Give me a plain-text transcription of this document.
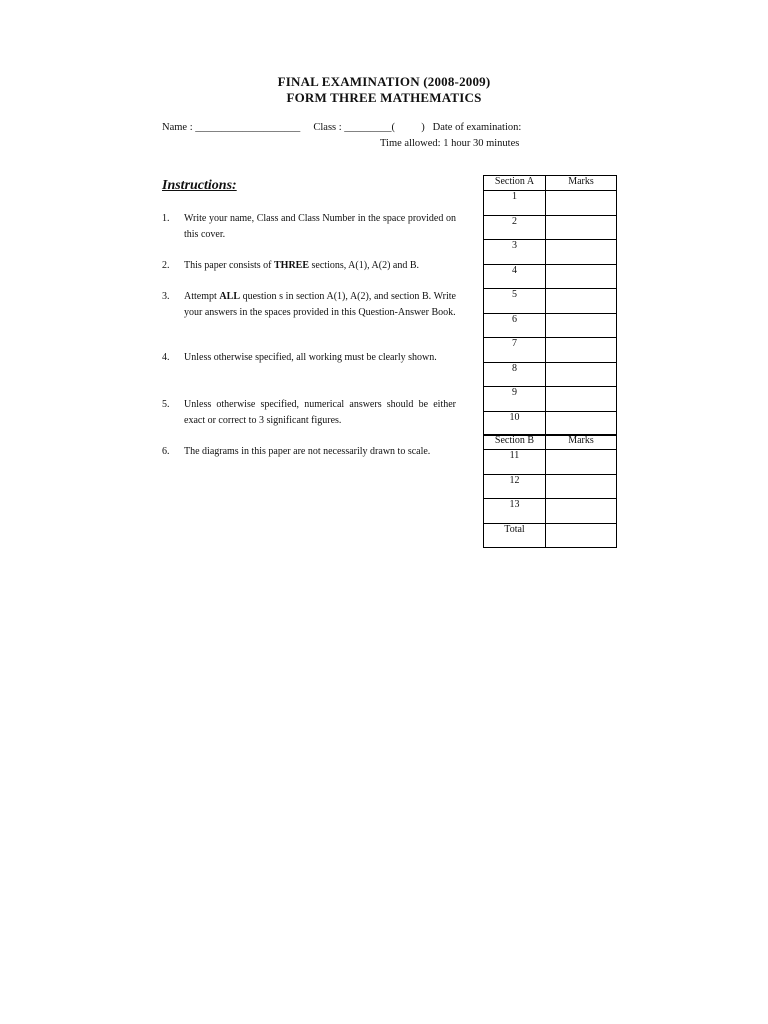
FINAL EXAMINATION (2008-2009)
FORM THREE MATHEMATICS
Name : ____________________     Class : _________(          )   Date of examination:
Time allowed: 1 hour 30 minutes
Instructions:
1. Write your name, Class and Class Number in the space provided on this cover.
2. This paper consists of THREE sections, A(1), A(2) and B.
3. Attempt ALL question s in section A(1), A(2), and section B. Write your answers in the spaces provided in this Question-Answer Book.
4. Unless otherwise specified, all working must be clearly shown.
5. Unless otherwise specified, numerical answers should be either exact or correct to 3 significant figures.
6. The diagrams in this paper are not necessarily drawn to scale.
Section A	Marks
1	
2	
3	
4	
5	
6	
7	
8	
9	
10	
Section B	Marks
11	
12	
13	
Total	
